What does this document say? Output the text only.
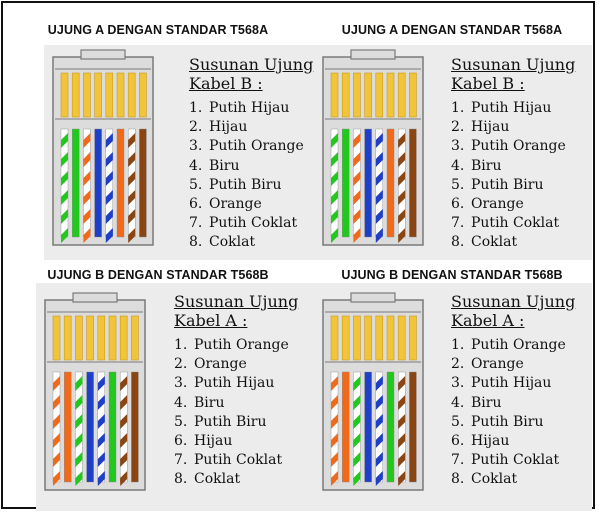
UJUNG A DENGAN STANDAR T568A
Susunan Ujung
Kabel B :
1. Putih Hijau
2. Hijau
3. Putih Orange
4. Biru
5. Putih Biru
6. Orange
7. Putih Coklat
8. Coklat
UJUNG A DENGAN STANDAR T568A
Susunan Ujung
Kabel B :
1. Putih Hijau
2. Hijau
3. Putih Orange
4. Biru
5. Putih Biru
6. Orange
7. Putih Coklat
8. Coklat
UJUNG B DENGAN STANDAR T568B
Susunan Ujung
Kabel A :
1. Putih Orange
2. Orange
3. Putih Hijau
4. Biru
5. Putih Biru
6. Hijau
7. Putih Coklat
8. Coklat
UJUNG B DENGAN STANDAR T568B
Susunan Ujung
Kabel A :
1. Putih Orange
2. Orange
3. Putih Hijau
4. Biru
5. Putih Biru
6. Hijau
7. Putih Coklat
8. Coklat
